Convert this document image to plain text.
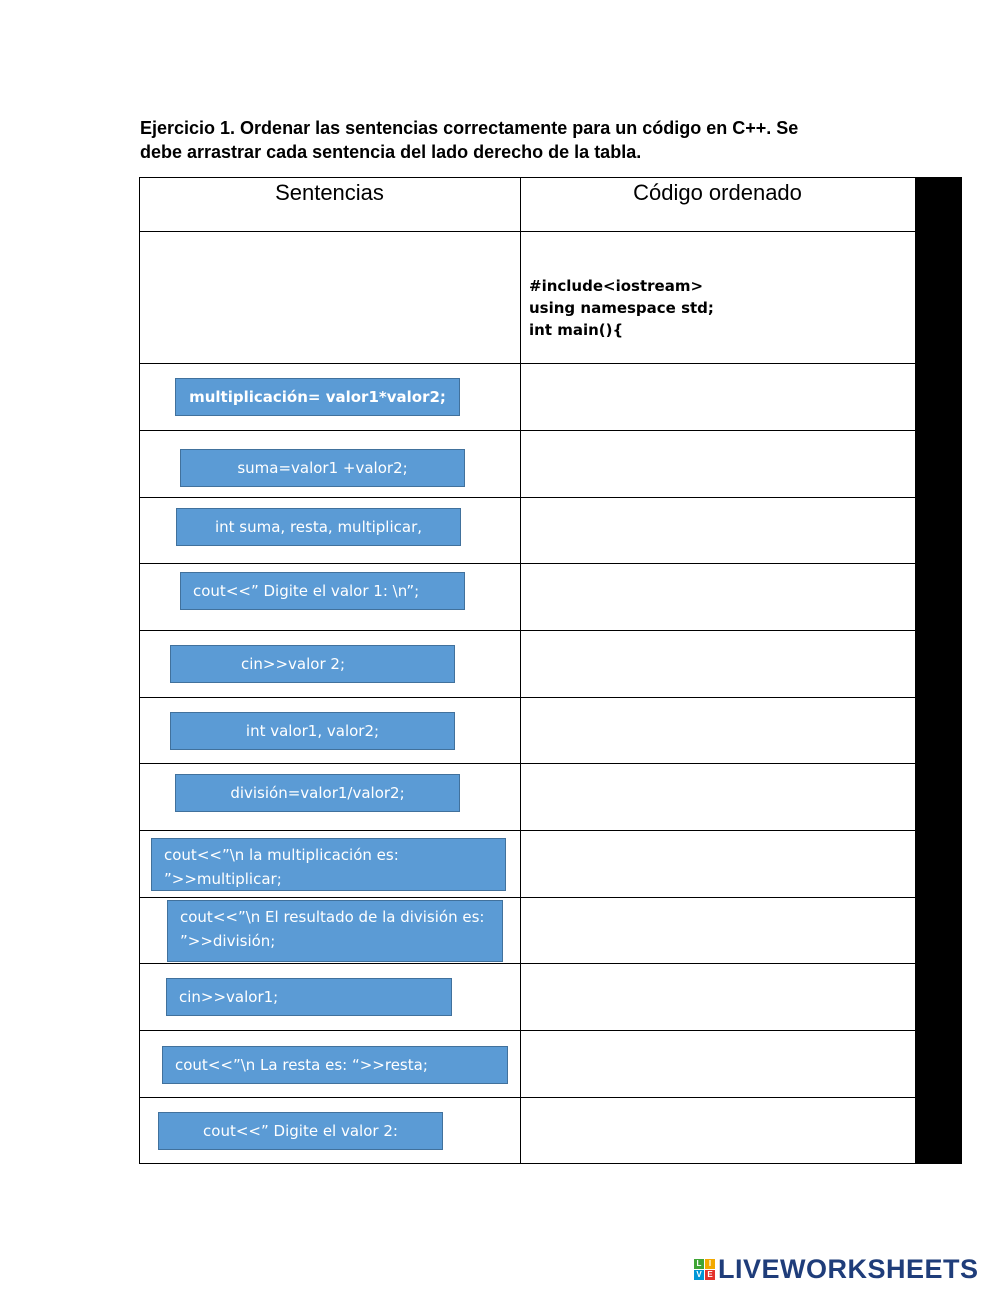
Ejercicio 1. Ordenar las sentencias correctamente para un código en C++. Se
debe arrastrar cada sentencia del lado derecho de la tabla.
Sentencias	Código ordenado
#include<iostream>
using namespace std;
int main(){
multiplicación= valor1*valor2;
suma=valor1 +valor2;
int suma, resta, multiplicar,
cout<<” Digite el valor 1: \n”;
cin>>valor 2;
int valor1, valor2;
división=valor1/valor2;
cout<<”\n la multiplicación es:
”>>multiplicar;
cout<<”\n El resultado de la división es:
”>>división;
cin>>valor1;
cout<<”\n La resta es: “>>resta;
cout<<” Digite el valor 2:
L I
V E LIVEWORKSHEETS
